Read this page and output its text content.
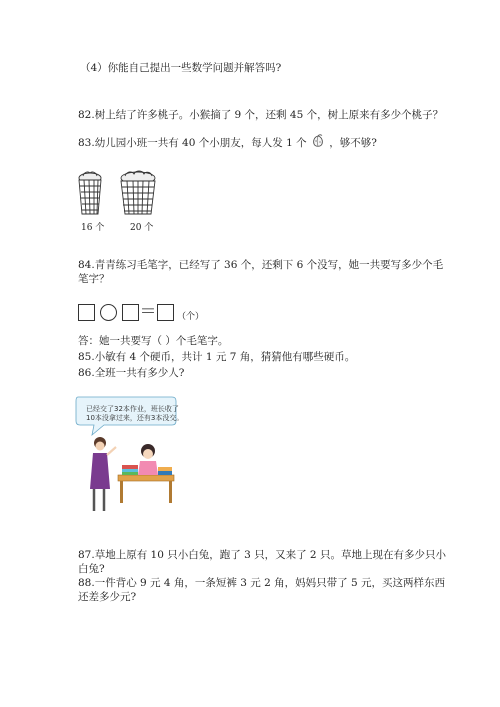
（4）你能自己提出一些数学问题并解答吗?
82.树上结了许多桃子。小猴摘了 9 个，还剩 45 个，树上原来有多少个桃子？
83.幼儿园小班一共有 40 个小朋友，每人发 1 个 ，够不够?
16 个	20 个
84.青青练习毛笔字，已经写了 36 个，还剩下 6 个没写，她一共要写多少个毛
笔字？
＝ （个）
答：她一共要写（ ）个毛笔字。
85.小敏有 4 个硬币，共计 1 元 7 角，猜猜他有哪些硬币。
86.全班一共有多少人?
已经交了32本作业，班长收了
10本没拿过来，还有3本没交。
87.草地上原有 10 只小白兔，跑了 3 只，又来了 2 只。草地上现在有多少只小
白兔?
88.一件背心 9 元 4 角，一条短裤 3 元 2 角，妈妈只带了 5 元，买这两样东西
还差多少元?
